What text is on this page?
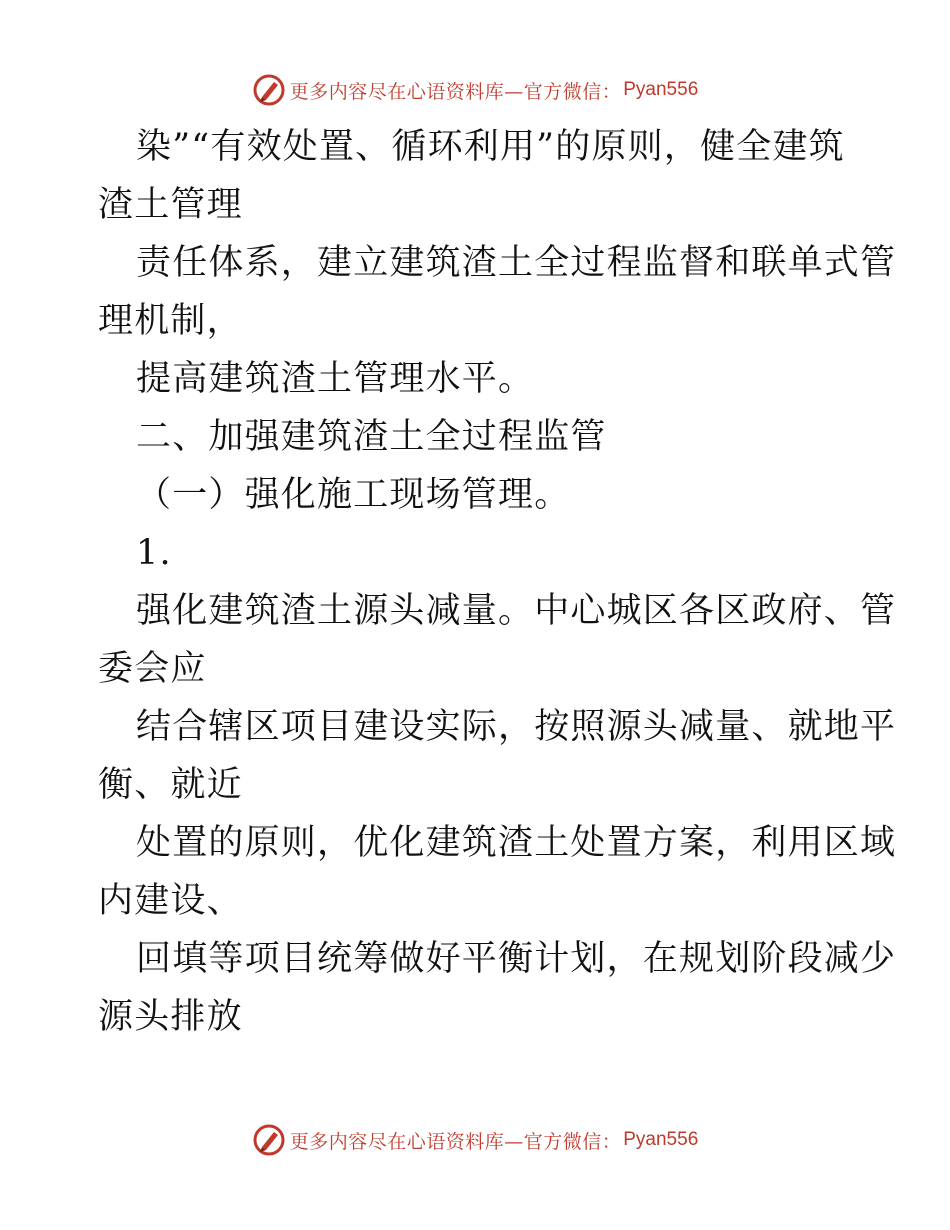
更多内容尽在心语资料库—官方微信： Pyan556
染”“有效处置、循环利用”的原则，健全建筑
渣土管理
责任体系，建立建筑渣土全过程监督和联单式管
理机制，
提高建筑渣土管理水平。
二、加强建筑渣土全过程监管
（一）强化施工现场管理。
1.
强化建筑渣土源头减量。中心城区各区政府、管
委会应
结合辖区项目建设实际，按照源头减量、就地平
衡、就近
处置的原则，优化建筑渣土处置方案，利用区域
内建设、
回填等项目统筹做好平衡计划，在规划阶段减少
源头排放
更多内容尽在心语资料库—官方微信： Pyan556
